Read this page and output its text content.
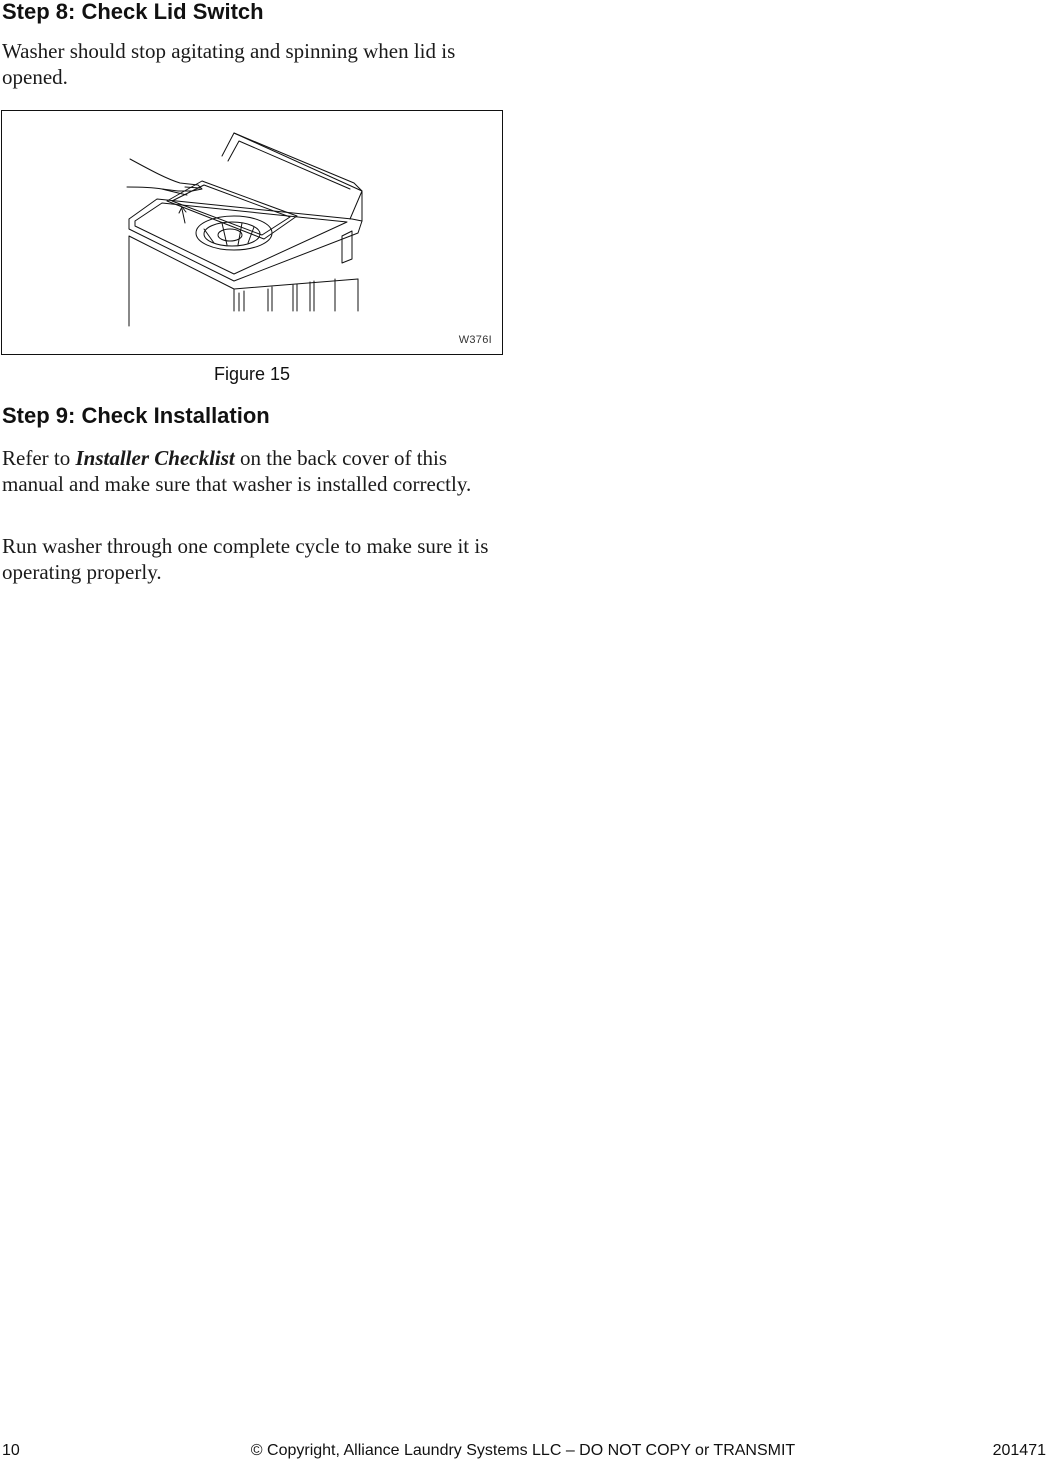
Step 8: Check Lid Switch

Washer should stop agitating and spinning when lid is opened.

W376I
Figure 15
Step 9: Check Installation

Refer to Installer Checklist on the back cover of this manual and make sure that washer is installed correctly.

Run washer through one complete cycle to make sure it is operating properly.

10	© Copyright, Alliance Laundry Systems LLC – DO NOT COPY or TRANSMIT	201471
